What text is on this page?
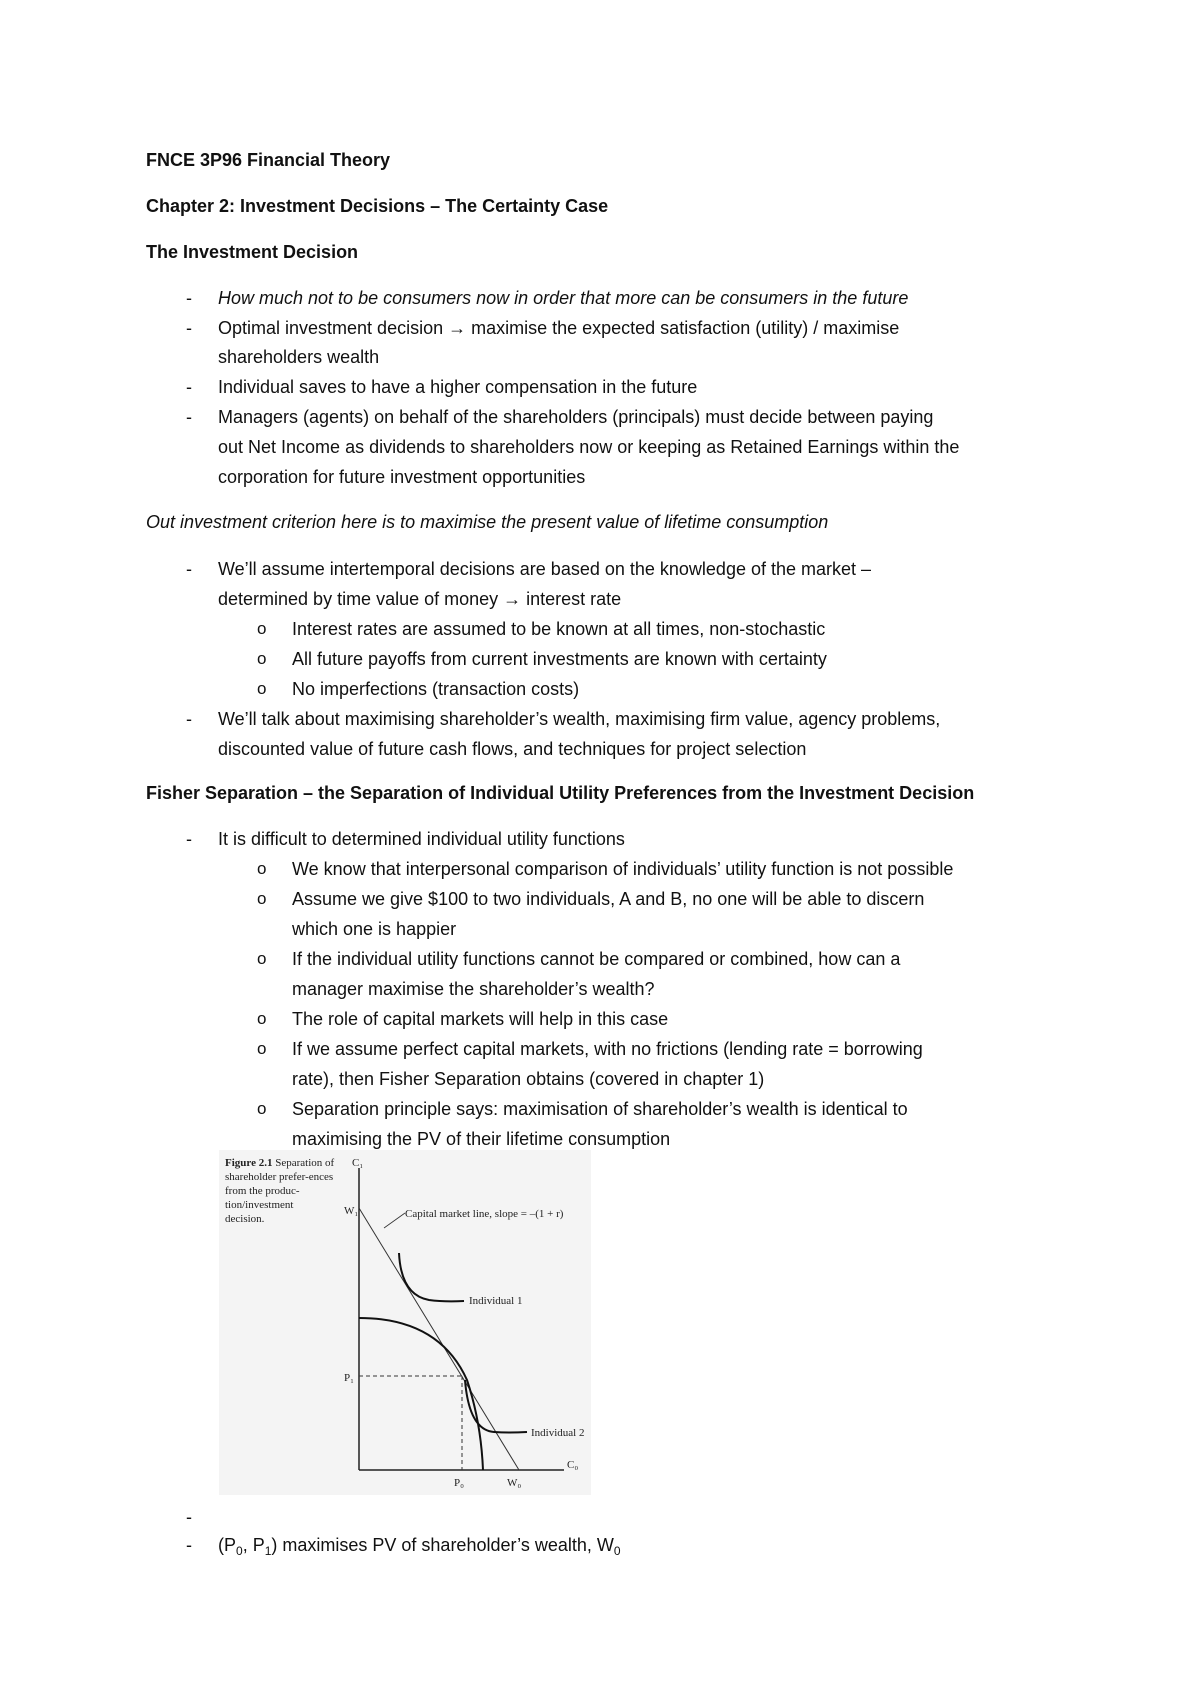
FNCE 3P96 Financial Theory
Chapter 2: Investment Decisions – The Certainty Case
The Investment Decision
- How much not to be consumers now in order that more can be consumers in the future
- Optimal investment decision → maximise the expected satisfaction (utility) / maximise
shareholders wealth
- Individual saves to have a higher compensation in the future
- Managers (agents) on behalf of the shareholders (principals) must decide between paying
out Net Income as dividends to shareholders now or keeping as Retained Earnings within the
corporation for future investment opportunities
Out investment criterion here is to maximise the present value of lifetime consumption
- We’ll assume intertemporal decisions are based on the knowledge of the market –
determined by time value of money → interest rate
o Interest rates are assumed to be known at all times, non-stochastic
o All future payoffs from current investments are known with certainty
o No imperfections (transaction costs)
- We’ll talk about maximising shareholder’s wealth, maximising firm value, agency problems,
discounted value of future cash flows, and techniques for project selection
Fisher Separation – the Separation of Individual Utility Preferences from the Investment Decision
- It is difficult to determined individual utility functions
o We know that interpersonal comparison of individuals’ utility function is not possible
o Assume we give $100 to two individuals, A and B, no one will be able to discern
which one is happier
o If the individual utility functions cannot be compared or combined, how can a
manager maximise the shareholder’s wealth?
o The role of capital markets will help in this case
o If we assume perfect capital markets, with no frictions (lending rate = borrowing
rate), then Fisher Separation obtains (covered in chapter 1)
o Separation principle says: maximisation of shareholder’s wealth is identical to
maximising the PV of their lifetime consumption
Figure 2.1 Separation of shareholder prefer-ences from the produc-tion/investment decision.
C₁
C₀
W₁
P₁
P₀	W₀
Capital market line, slope = –(1 + r)
Individual 1
Individual 2
-
- ($P_0$, $P_1$) maximises PV of shareholder’s wealth, $W_0$
